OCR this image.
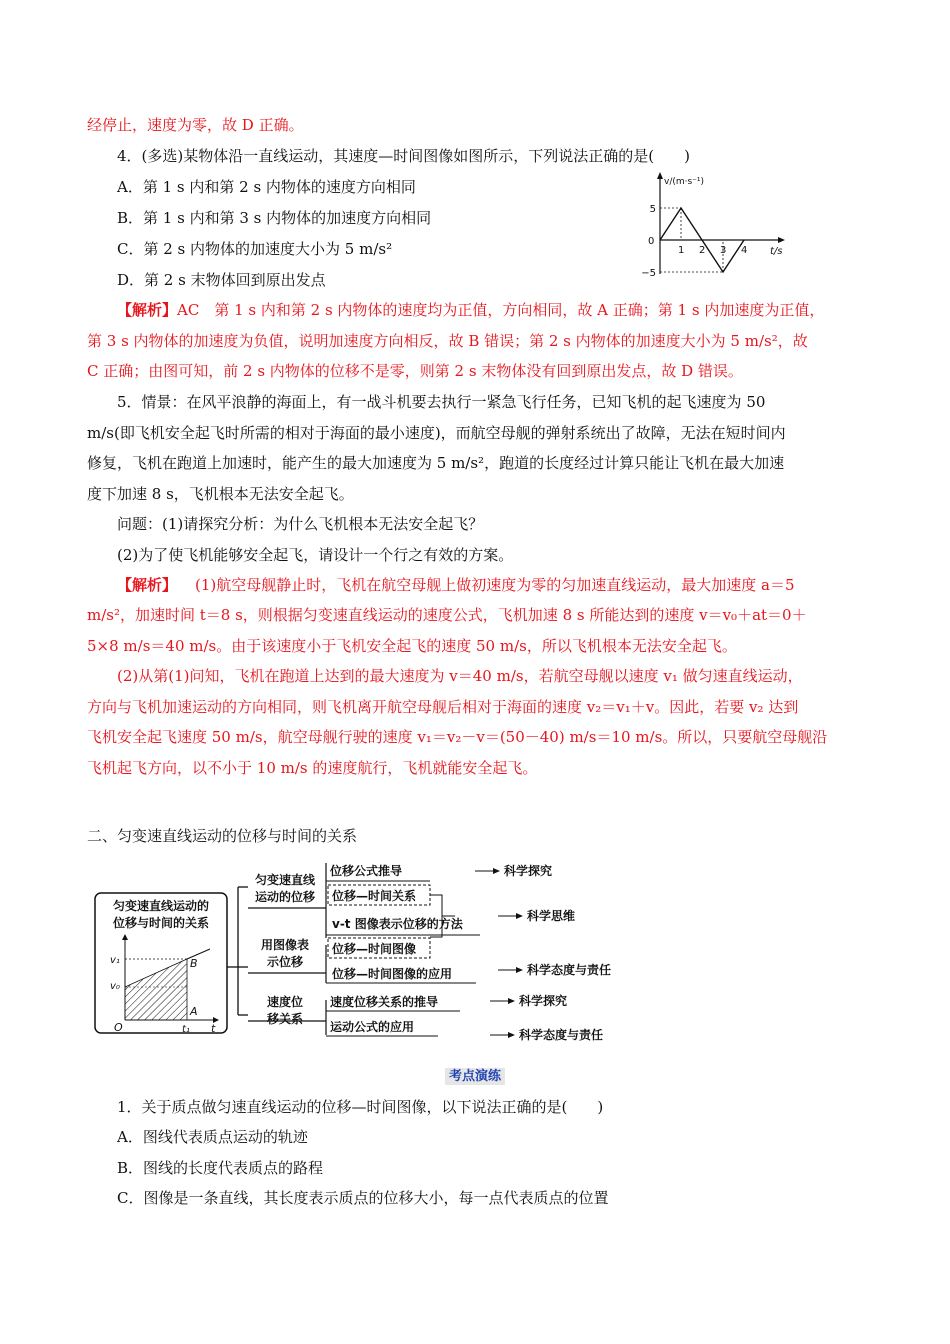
经停止，速度为零，故 D 正确。
4．(多选)某物体沿一直线运动，其速度—时间图像如图所示，下列说法正确的是(　　)
A．第 1 s 内和第 2 s 内物体的速度方向相同
B．第 1 s 内和第 3 s 内物体的加速度方向相同
C．第 2 s 内物体的加速度大小为 5 m/s²
D．第 2 s 末物体回到原出发点
v/(m·s⁻¹)
t/s
0
1 2 3 4
5
−5
【解析】AC　第 1 s 内和第 2 s 内物体的速度均为正值，方向相同，故 A 正确；第 1 s 内加速度为正值，
第 3 s 内物体的加速度为负值，说明加速度方向相反，故 B 错误；第 2 s 内物体的加速度大小为 5 m/s²，故
C 正确；由图可知，前 2 s 内物体的位移不是零，则第 2 s 末物体没有回到原出发点，故 D 错误。
5．情景：在风平浪静的海面上，有一战斗机要去执行一紧急飞行任务，已知飞机的起飞速度为 50
m/s(即飞机安全起飞时所需的相对于海面的最小速度)，而航空母舰的弹射系统出了故障，无法在短时间内
修复，飞机在跑道上加速时，能产生的最大加速度为 5 m/s²，跑道的长度经过计算只能让飞机在最大加速
度下加速 8 s，飞机根本无法安全起飞。
问题：(1)请探究分析：为什么飞机根本无法安全起飞？
(2)为了使飞机能够安全起飞，请设计一个行之有效的方案。
【解析】 (1)航空母舰静止时，飞机在航空母舰上做初速度为零的匀加速直线运动，最大加速度 a＝5
m/s²，加速时间 t＝8 s，则根据匀变速直线运动的速度公式，飞机加速 8 s 所能达到的速度 v＝v₀＋at＝0＋
5×8 m/s＝40 m/s。由于该速度小于飞机安全起飞的速度 50 m/s，所以飞机根本无法安全起飞。
(2)从第(1)问知，飞机在跑道上达到的最大速度为 v＝40 m/s，若航空母舰以速度 v₁ 做匀速直线运动，
方向与飞机加速运动的方向相同，则飞机离开航空母舰后相对于海面的速度 v₂＝v₁＋v。因此，若要 v₂ 达到
飞机安全起飞速度 50 m/s，航空母舰行驶的速度 v₁＝v₂－v＝(50－40) m/s＝10 m/s。所以，只要航空母舰沿
飞机起飞方向，以不小于 10 m/s 的速度航行，飞机就能安全起飞。
二、匀变速直线运动的位移与时间的关系
匀变速直线运动的
位移与时间的关系
v₁
v₀
B
A
O	t₁ t
匀变速直线
运动的位移
用图像表
示位移
速度位
移关系
位移公式推导
位移—时间关系
v-t 图像表示位移的方法
位移—时间图像
位移—时间图像的应用
速度位移关系的推导
运动公式的应用
科学探究
科学思维
科学态度与责任
科学探究
科学态度与责任
考点演练
1．关于质点做匀速直线运动的位移—时间图像，以下说法正确的是(　　)
A．图线代表质点运动的轨迹
B．图线的长度代表质点的路程
C．图像是一条直线，其长度表示质点的位移大小，每一点代表质点的位置
